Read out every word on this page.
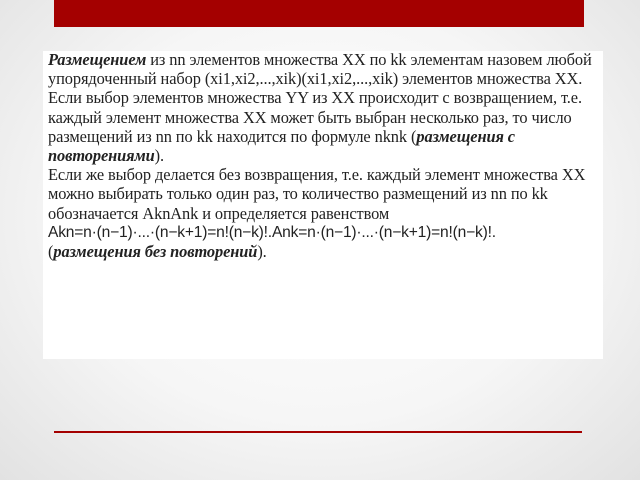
Размещением из nn элементов множества XX по kk элементам назовем любой упорядоченный набор (xi1,xi2,...,xik)(xi1,xi2,...,xik) элементов множества XX.

Если выбор элементов множества YY из XX происходит с возвращением, т.е. каждый элемент множества XX может быть выбран несколько раз, то число размещений из nn по kk находится по формуле nknk (размещения с повторениями).

Если же выбор делается без возвращения, т.е. каждый элемент множества XX можно выбирать только один раз, то количество размещений из nn по kk обозначается AknAnk и определяется равенством

Akn=n·(n−1)·...·(n−k+1)=n!(n−k)!.Ank=n·(n−1)·...·(n−k+1)=n!(n−k)!.

(размещения без повторений).
